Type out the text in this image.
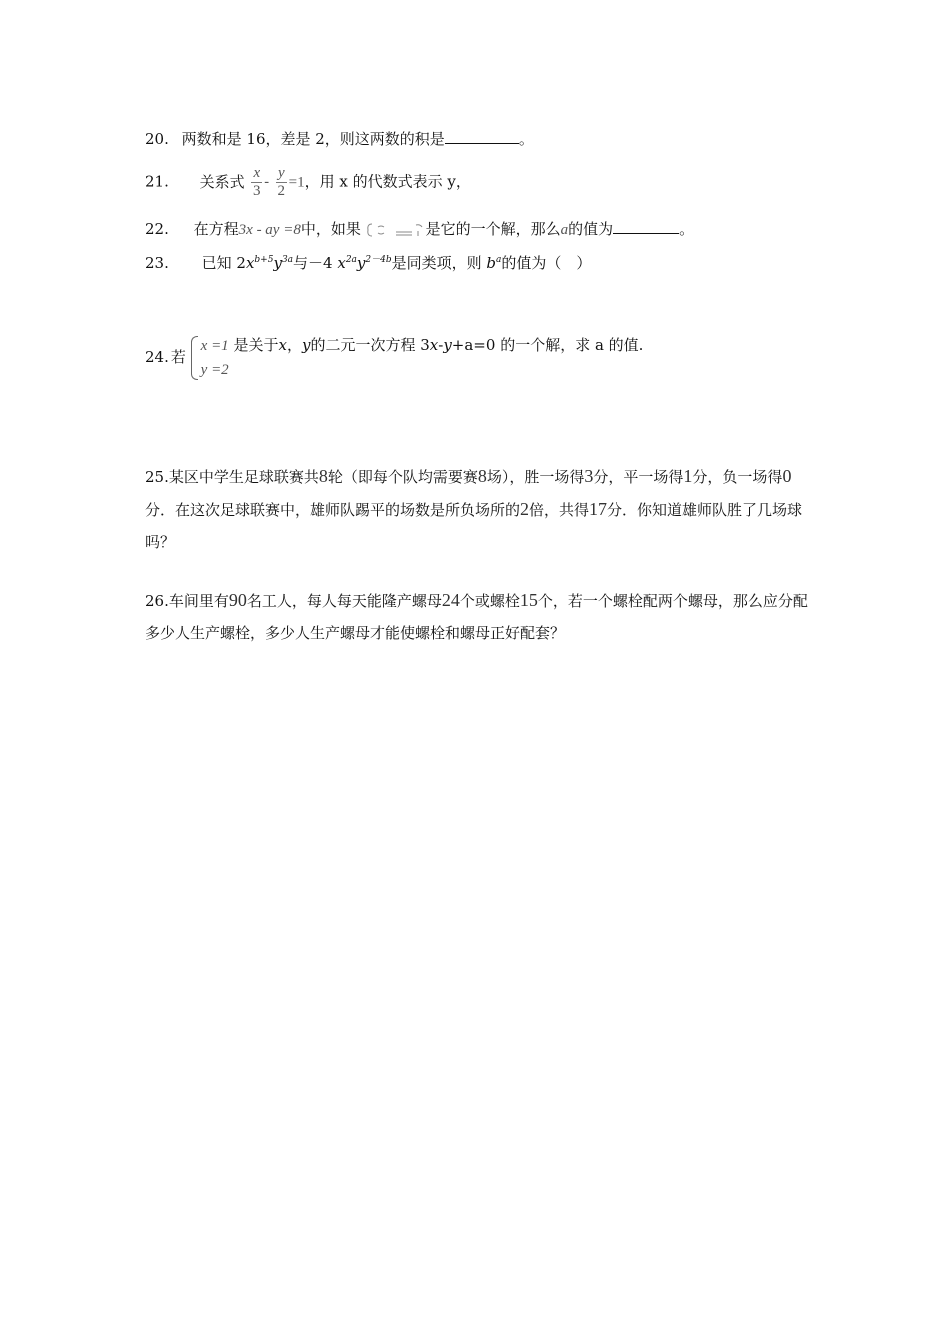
20. 两数和是 16，差是 2，则这两数的积是	。
21. 关系式 $\frac{x}{3} - \frac{y}{2} =1$，用 x 的代数式表示 y，
22. 在方程3x - ay =8中，如果	是它的一个解，那么a的值为	。
23. 已知 $2x^{b+5}y^{3a}$与－4 $x^{2a}y^{2-4b}$是同类项，则 $b^a$的值为（　）
24. 若
x =1
y =2
是关于x，y的二元一次方程 3x-y+a=0 的一个解，求 a 的值.
25.某区中学生足球联赛共8轮（即每个队均需要赛8场），胜一场得3分，平一场得1分，负一场得0分．在这次足球联赛中，雄师队踢平的场数是所负场所的2倍，共得17分．你知道雄师队胜了几场球吗？
26.车间里有90名工人，每人每天能隆产螺母24个或螺栓15个，若一个螺栓配两个螺母，那么应分配多少人生产螺栓，多少人生产螺母才能使螺栓和螺母正好配套？
